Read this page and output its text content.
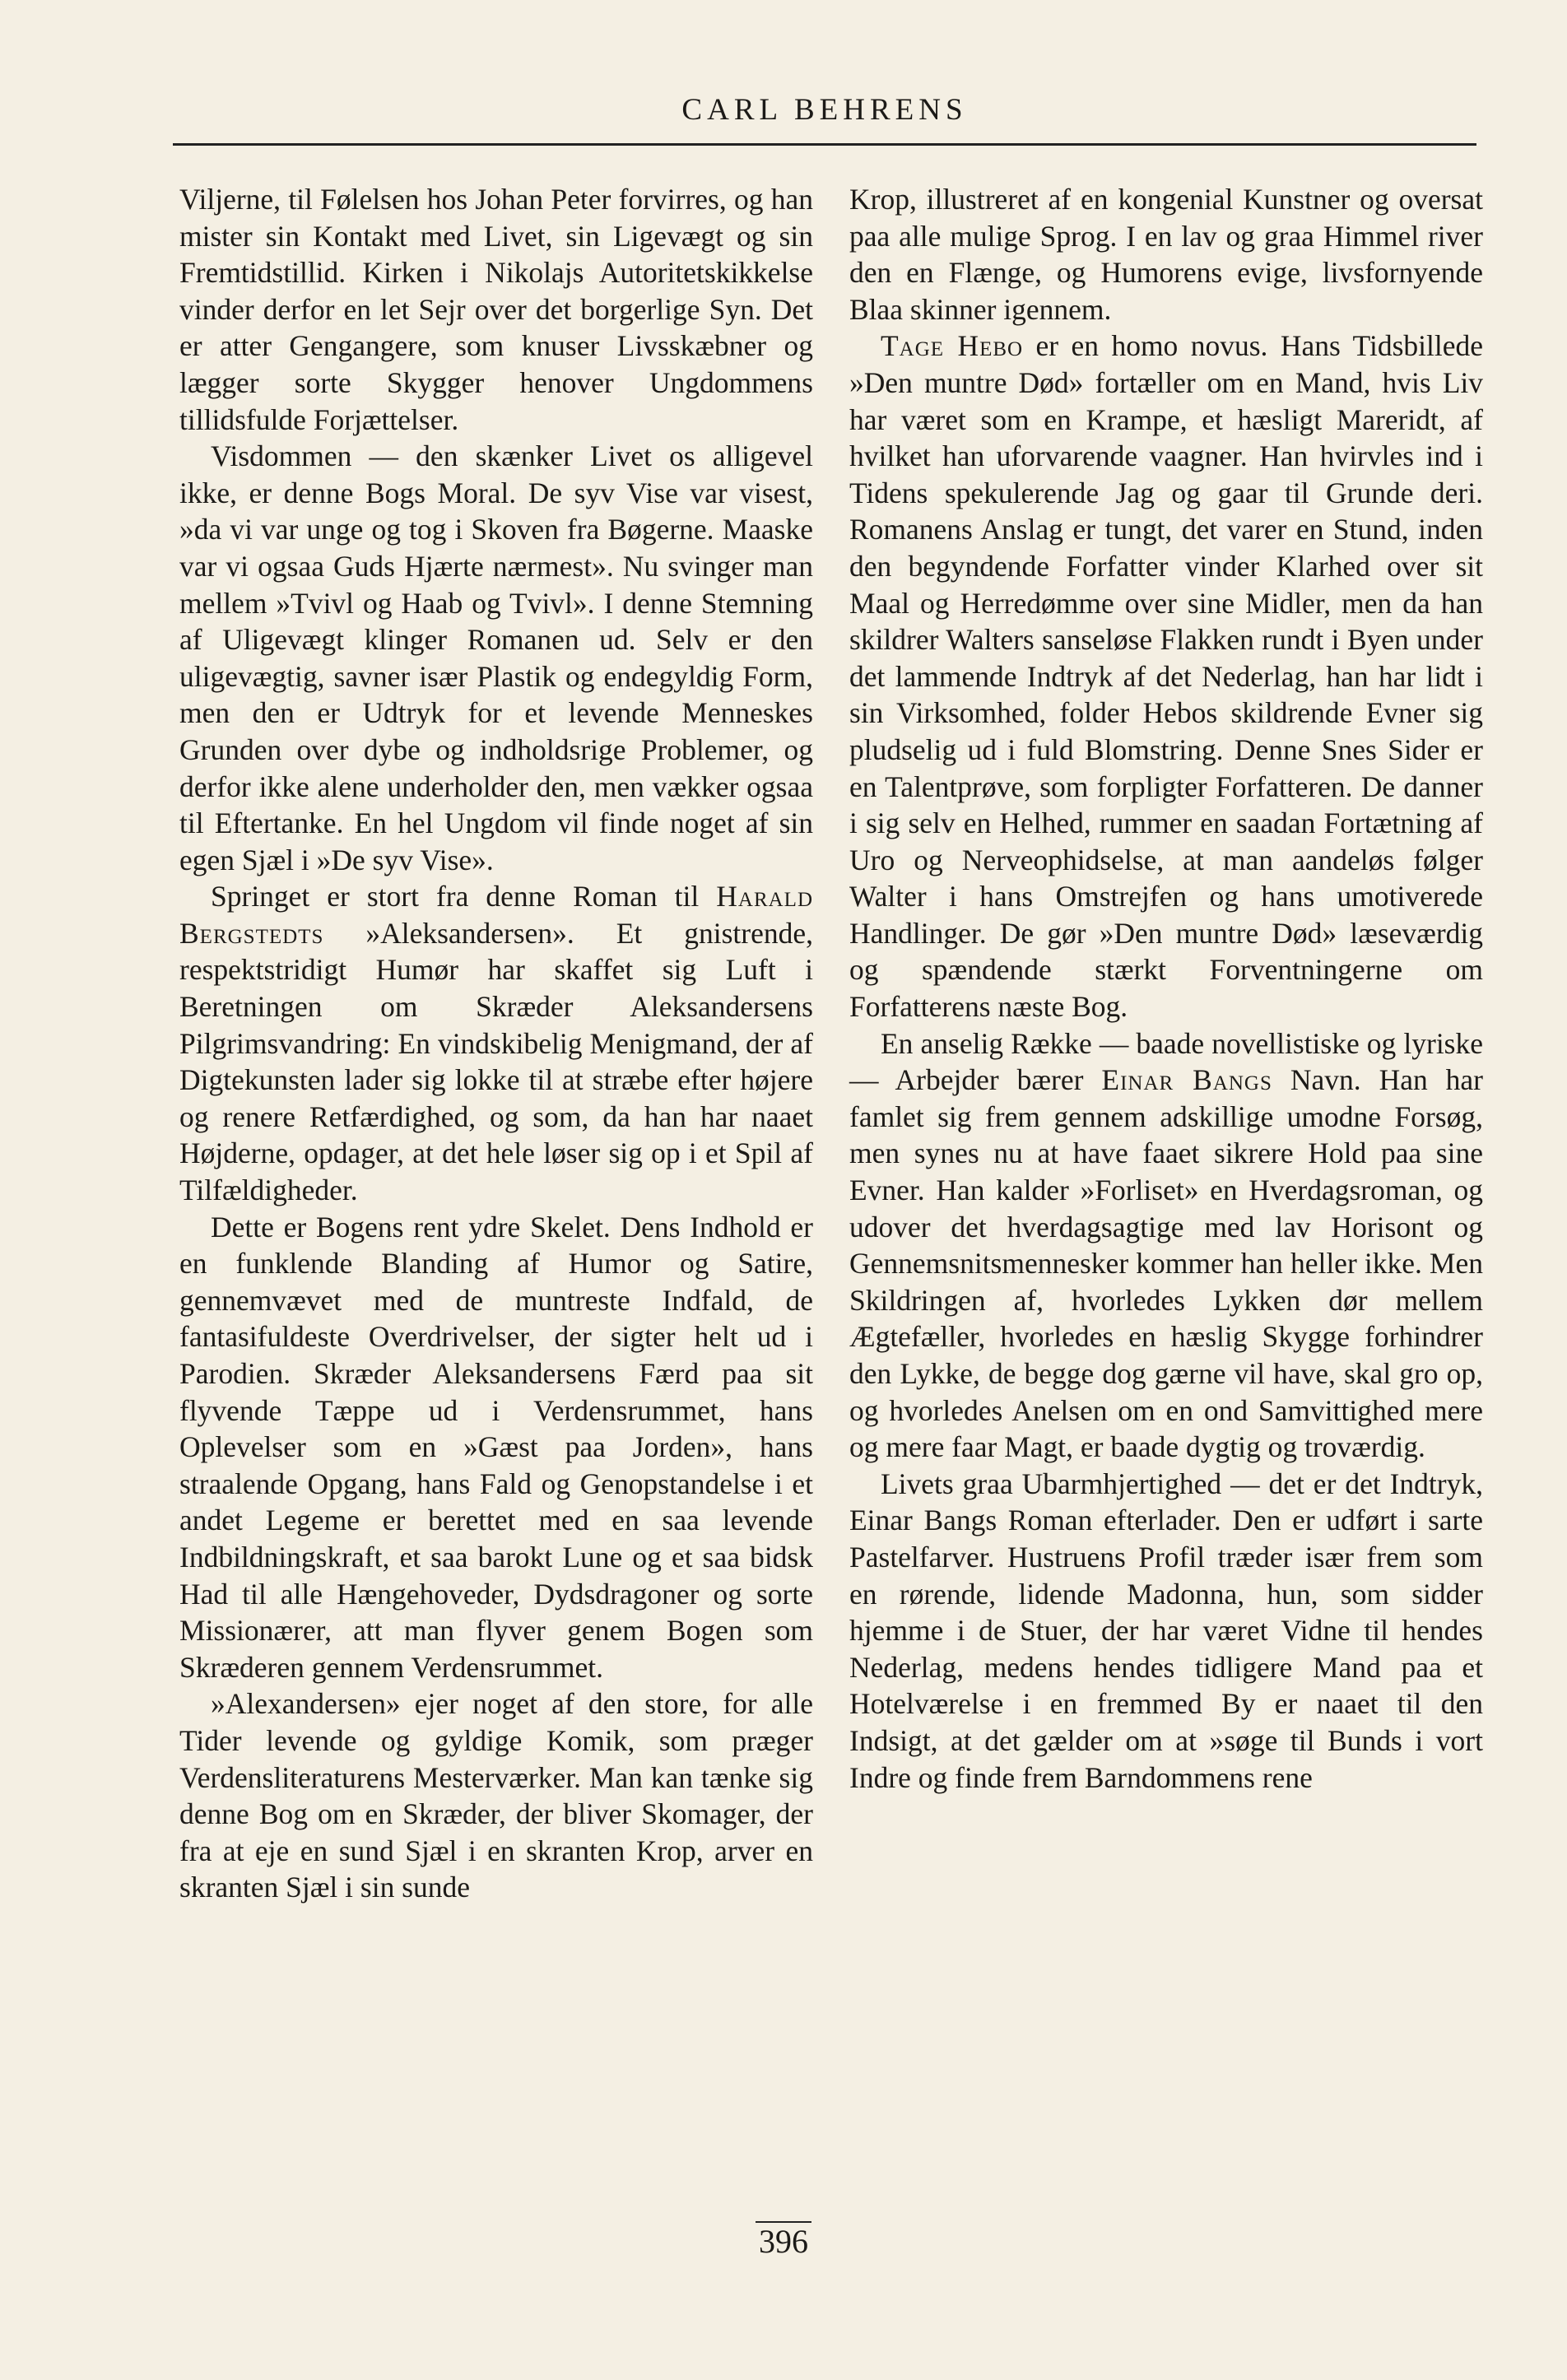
CARL BEHRENS

Viljerne, til Følelsen hos Johan Peter forvirres, og han mister sin Kontakt med Livet, sin Ligevægt og sin Fremtidstillid. Kirken i Nikolajs Autoritetskikkelse vinder derfor en let Sejr over det borgerlige Syn. Det er atter Gengangere, som knuser Livsskæbner og lægger sorte Skygger henover Ungdommens tillidsfulde Forjættelser.

Visdommen — den skænker Livet os alligevel ikke, er denne Bogs Moral. De syv Vise var visest, »da vi var unge og tog i Skoven fra Bøgerne. Maaske var vi ogsaa Guds Hjærte nærmest». Nu svinger man mellem »Tvivl og Haab og Tvivl». I denne Stemning af Uligevægt klinger Romanen ud. Selv er den uligevægtig, savner især Plastik og endegyldig Form, men den er Udtryk for et levende Menneskes Grunden over dybe og indholdsrige Problemer, og derfor ikke alene underholder den, men vækker ogsaa til Eftertanke. En hel Ungdom vil finde noget af sin egen Sjæl i »De syv Vise».

Springet er stort fra denne Roman til Harald Bergstedts »Aleksandersen». Et gnistrende, respektstridigt Humør har skaffet sig Luft i Beretningen om Skræder Aleksandersens Pilgrimsvandring: En vindskibelig Menigmand, der af Digtekunsten lader sig lokke til at stræbe efter højere og renere Retfærdighed, og som, da han har naaet Højderne, opdager, at det hele løser sig op i et Spil af Tilfældigheder.

Dette er Bogens rent ydre Skelet. Dens Indhold er en funklende Blanding af Humor og Satire, gennemvævet med de muntreste Indfald, de fantasifuldeste Overdrivelser, der sigter helt ud i Parodien. Skræder Aleksandersens Færd paa sit flyvende Tæppe ud i Verdensrummet, hans Oplevelser som en »Gæst paa Jorden», hans straalende Opgang, hans Fald og Genopstandelse i et andet Legeme er berettet med en saa levende Indbildningskraft, et saa barokt Lune og et saa bidsk Had til alle Hængehoveder, Dydsdragoner og sorte Missionærer, att man flyver genem Bogen som Skræderen gennem Verdensrummet.

»Alexandersen» ejer noget af den store, for alle Tider levende og gyldige Komik, som præger Verdensliteraturens Mesterværker. Man kan tænke sig denne Bog om en Skræder, der bliver Skomager, der fra at eje en sund Sjæl i en skranten Krop, arver en skranten Sjæl i sin sunde

Krop, illustreret af en kongenial Kunstner og oversat paa alle mulige Sprog. I en lav og graa Himmel river den en Flænge, og Humorens evige, livsfornyende Blaa skinner igennem.

Tage Hebo er en homo novus. Hans Tidsbillede »Den muntre Død» fortæller om en Mand, hvis Liv har været som en Krampe, et hæsligt Mareridt, af hvilket han uforvarende vaagner. Han hvirvles ind i Tidens spekulerende Jag og gaar til Grunde deri. Romanens Anslag er tungt, det varer en Stund, inden den begyndende Forfatter vinder Klarhed over sit Maal og Herredømme over sine Midler, men da han skildrer Walters sanseløse Flakken rundt i Byen under det lammende Indtryk af det Nederlag, han har lidt i sin Virksomhed, folder Hebos skildrende Evner sig pludselig ud i fuld Blomstring. Denne Snes Sider er en Talentprøve, som forpligter Forfatteren. De danner i sig selv en Helhed, rummer en saadan Fortætning af Uro og Nerveophidselse, at man aandeløs følger Walter i hans Omstrejfen og hans umotiverede Handlinger. De gør »Den muntre Død» læseværdig og spændende stærkt Forventningerne om Forfatterens næste Bog.

En anselig Række — baade novellistiske og lyriske — Arbejder bærer Einar Bangs Navn. Han har famlet sig frem gennem adskillige umodne Forsøg, men synes nu at have faaet sikrere Hold paa sine Evner. Han kalder »Forliset» en Hverdagsroman, og udover det hverdagsagtige med lav Horisont og Gennemsnitsmennesker kommer han heller ikke. Men Skildringen af, hvorledes Lykken dør mellem Ægtefæller, hvorledes en hæslig Skygge forhindrer den Lykke, de begge dog gærne vil have, skal gro op, og hvorledes Anelsen om en ond Samvittighed mere og mere faar Magt, er baade dygtig og troværdig.

Livets graa Ubarmhjertighed — det er det Indtryk, Einar Bangs Roman efterlader. Den er udført i sarte Pastelfarver. Hustruens Profil træder især frem som en rørende, lidende Madonna, hun, som sidder hjemme i de Stuer, der har været Vidne til hendes Nederlag, medens hendes tidligere Mand paa et Hotelværelse i en fremmed By er naaet til den Indsigt, at det gælder om at »søge til Bunds i vort Indre og finde frem Barndommens rene

396
